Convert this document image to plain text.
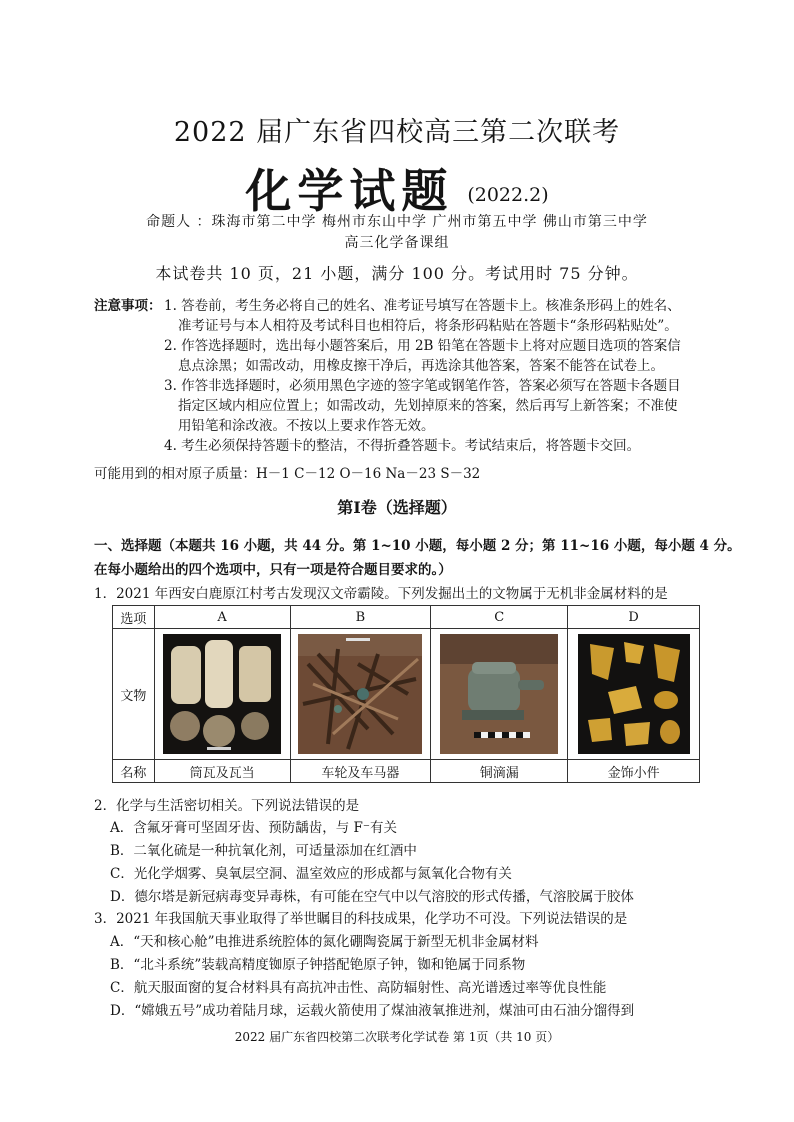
2022 届广东省四校高三第二次联考
化学试题 (2022.2)
命题人 ：珠海市第二中学 梅州市东山中学 广州市第五中学 佛山市第三中学
高三化学备课组
本试卷共 10 页，21 小题，满分 100 分。考试用时 75 分钟。
注意事项： 1. 答卷前，考生务必将自己的姓名、准考证号填写在答题卡上。核准条形码上的姓名、
准考证号与本人相符及考试科目也相符后，将条形码粘贴在答题卡“条形码粘贴处”。
2. 作答选择题时，选出每小题答案后，用 2B 铅笔在答题卡上将对应题目选项的答案信
息点涂黑；如需改动，用橡皮擦干净后，再选涂其他答案，答案不能答在试卷上。
3. 作答非选择题时，必须用黑色字迹的签字笔或钢笔作答，答案必须写在答题卡各题目
指定区域内相应位置上；如需改动，先划掉原来的答案，然后再写上新答案；不准使
用铅笔和涂改液。不按以上要求作答无效。
4. 考生必须保持答题卡的整洁，不得折叠答题卡。考试结束后，将答题卡交回。
可能用到的相对原子质量：H－1 C－12 O－16 Na－23 S－32
第Ⅰ卷（选择题）
一、选择题（本题共 16 小题，共 44 分。第 1~10 小题，每小题 2 分；第 11~16 小题，每小题 4 分。
在每小题给出的四个选项中，只有一项是符合题目要求的。）
1．2021 年西安白鹿原江村考古发现汉文帝霸陵。下列发掘出土的文物属于无机非金属材料的是
选项	A	B	C	D
文物	

名称	筒瓦及瓦当	车轮及车马器	铜滴漏	金饰小件
2．化学与生活密切相关。下列说法错误的是
A．含氟牙膏可坚固牙齿、预防龋齿，与 F⁻有关
B．二氧化硫是一种抗氧化剂，可适量添加在红酒中
C．光化学烟雾、臭氧层空洞、温室效应的形成都与氮氧化合物有关
D．德尔塔是新冠病毒变异毒株，有可能在空气中以气溶胶的形式传播，气溶胶属于胶体
3．2021 年我国航天事业取得了举世瞩目的科技成果，化学功不可没。下列说法错误的是
A．“天和核心舱”电推进系统腔体的氮化硼陶瓷属于新型无机非金属材料
B．“北斗系统”装载高精度铷原子钟搭配铯原子钟，铷和铯属于同系物
C．航天服面窗的复合材料具有高抗冲击性、高防辐射性、高光谱透过率等优良性能
D．“嫦娥五号”成功着陆月球，运载火箭使用了煤油液氧推进剂，煤油可由石油分馏得到
2022 届广东省四校第二次联考化学试卷 第 1页（共 10 页）
